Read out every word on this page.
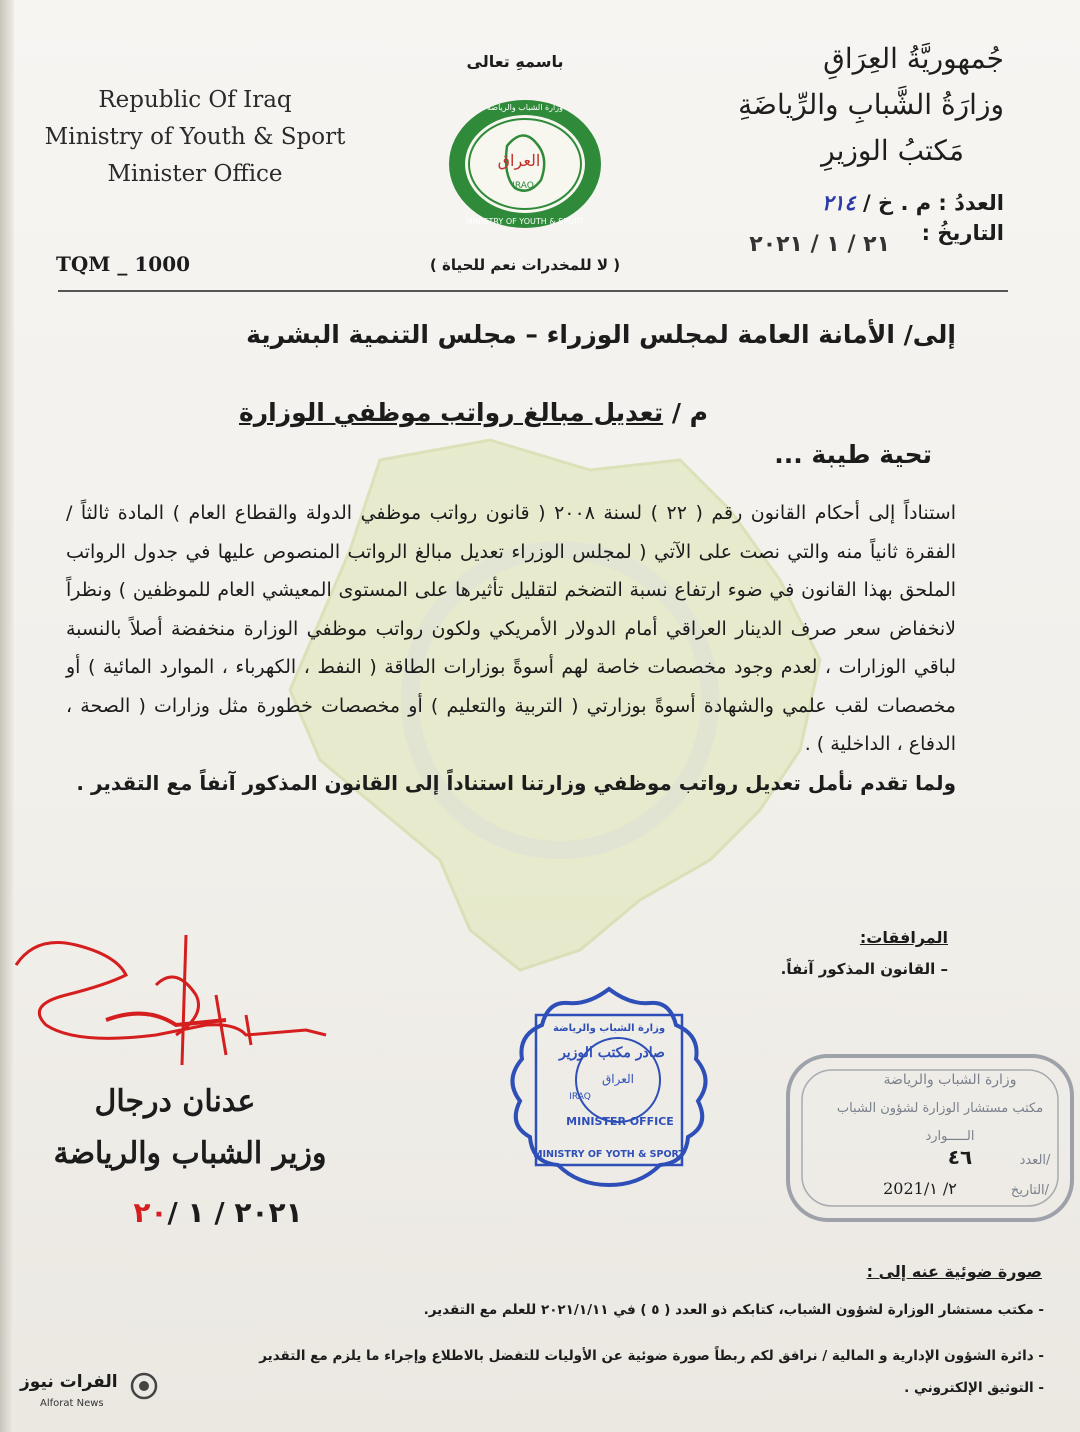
Republic Of Iraq
Ministry of Youth & Sport
Minister Office
TQM _ 1000
باسمهِ تعالى
العراق
IRAQ
وزارة الشباب والرياضة
MINISTRY OF YOUTH & SPORT
( لا للمخدرات نعم للحياة )
جُمهوريَّةُ العِرَاقِ
وزارَةُ الشَّبابِ والرِّياضَةِ
مَكتبُ الوزيرِ
العددُ : م . خ / ٢١٤
التاريخُ :
٢١ / ١ / ٢٠٢١
إلى/ الأمانة العامة لمجلس الوزراء – مجلس التنمية البشرية
م / تعديل مبالغ رواتب موظفي الوزارة
تحية طيبة ...

استناداً إلى أحكام القانون رقم ( ٢٢ ) لسنة ٢٠٠٨ ( قانون رواتب موظفي الدولة والقطاع العام ) المادة ثالثاً / الفقرة ثانياً منه والتي نصت على الآتي ( لمجلس الوزراء تعديل مبالغ الرواتب المنصوص عليها في جدول الرواتب الملحق بهذا القانون في ضوء ارتفاع نسبة التضخم لتقليل تأثيرها على المستوى المعيشي العام للموظفين ) ونظراً لانخفاض سعر صرف الدينار العراقي أمام الدولار الأمريكي ولكون رواتب موظفي الوزارة منخفضة أصلاً بالنسبة لباقي الوزارات ، لعدم وجود مخصصات خاصة لهم أسوةً بوزارات الطاقة ( النفط ، الكهرباء ، الموارد المائية ) أو مخصصات لقب علمي والشهادة أسوةً بوزارتي ( التربية والتعليم ) أو مخصصات خطورة مثل وزارات ( الصحة ، الدفاع ، الداخلية ) .

ولما تقدم نأمل تعديل رواتب موظفي وزارتنا استناداً إلى القانون المذكور آنفاً مع التقدير .

المرافقات:
– القانون المذكور آنفاً.
عدنان درجال
وزير الشباب والرياضة
٢٠٢١ / ١ /٢٠
وزارة الشباب والرياضة
صادر مكتب الوزير
العراق
IRAQ
MINISTER OFFICE
MINISTRY OF YOTH & SPORT
وزارة الشباب والرياضة
مكتب مستشار الوزارة لشؤون الشباب
الـــــوارد
العدد/
٤٦
التاريخ/
2021/٢/ ١
صورة ضوئية عنه إلى :
- مكتب مستشار الوزارة لشؤون الشباب، كتابكم ذو العدد ( ٥ ) في ٢٠٢١/١/١١ للعلم مع التقدير.
- دائرة الشؤون الإدارية و المالية / نرافق لكم ربطاً صورة ضوئية عن الأوليات للتفضل بالاطلاع وإجراء ما يلزم مع التقدير
- التوثيق الإلكتروني .
الفرات نيوز
Alforat News
